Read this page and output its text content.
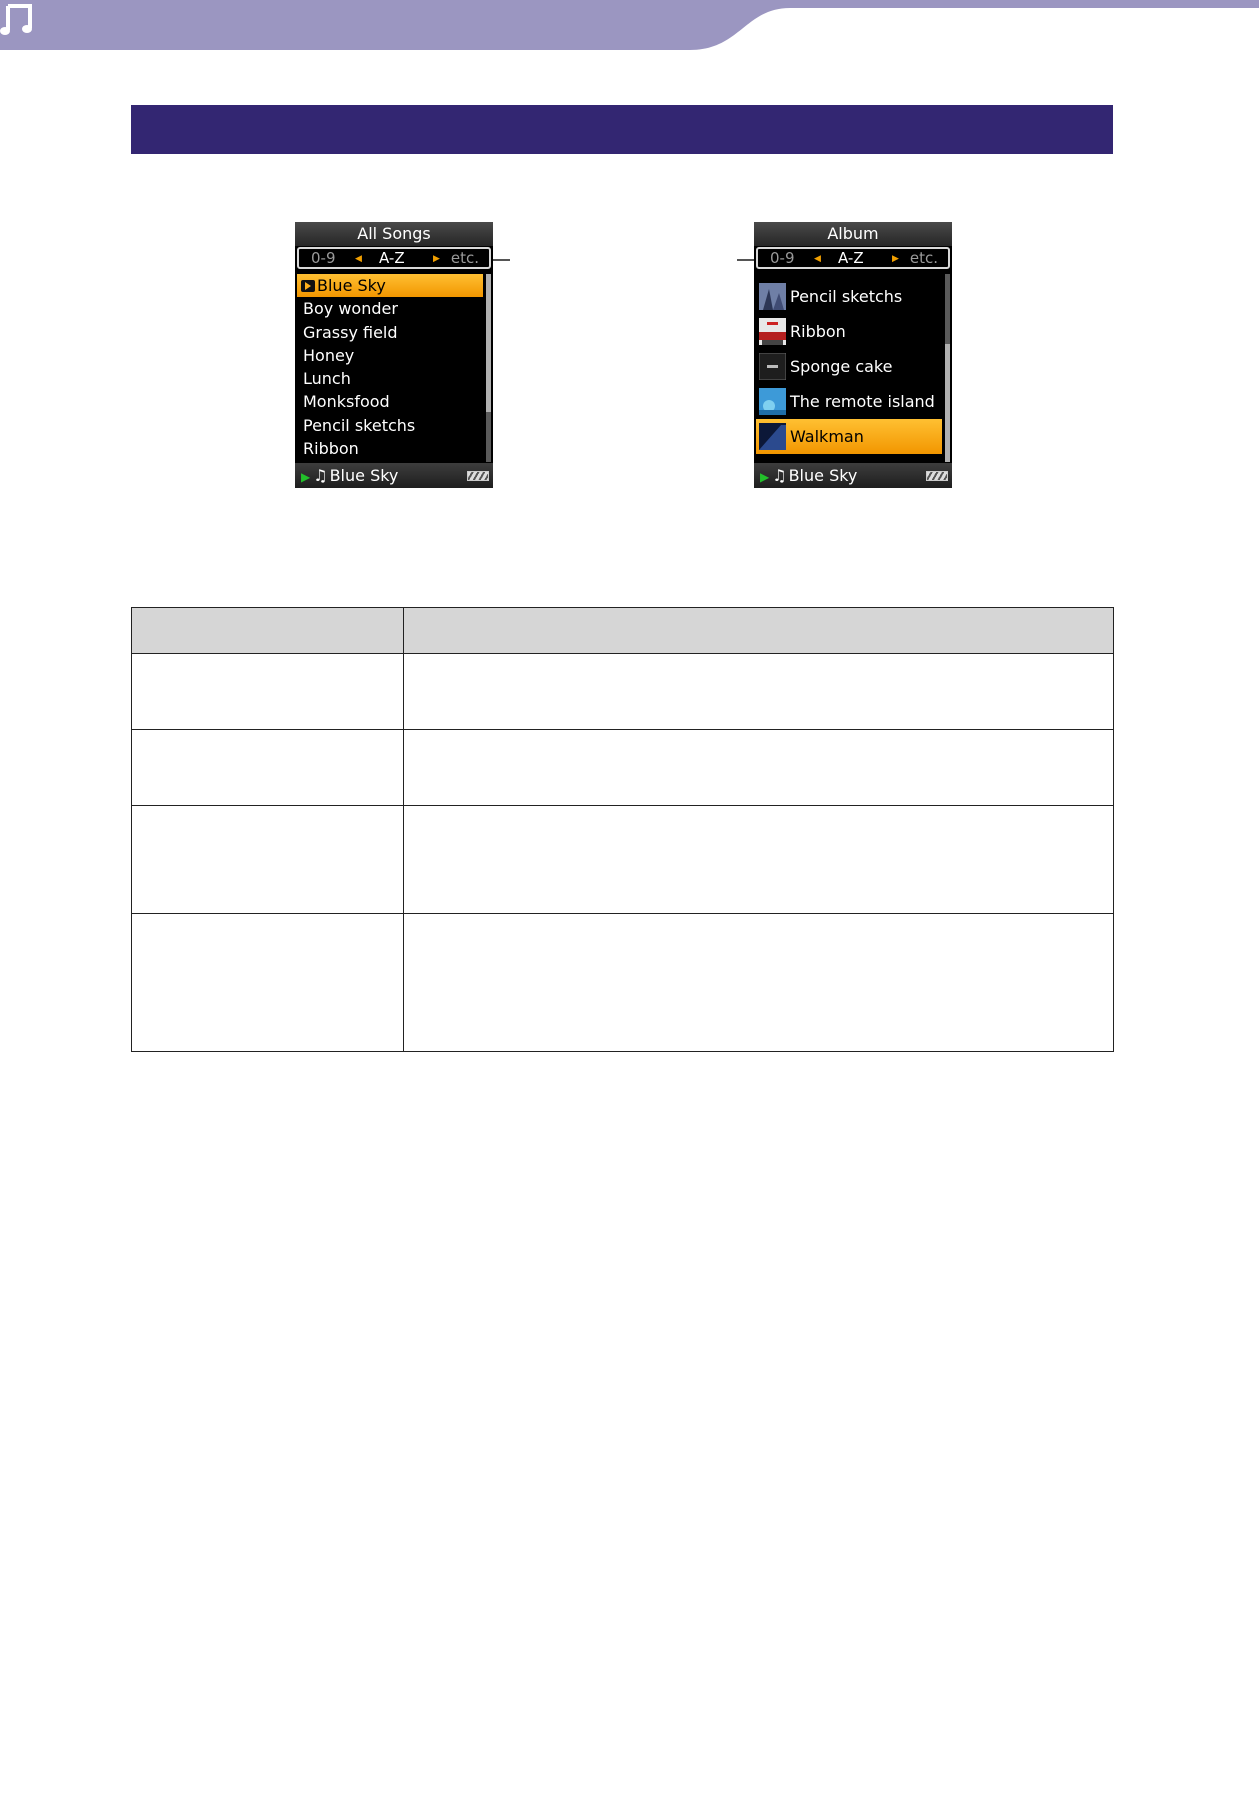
All Songs
0-9 ◀ A-Z	▶ etc.
Blue Sky
Boy wonder
Grassy field
Honey
Lunch
Monksfood
Pencil sketchs
Ribbon
▶ ♫ Blue Sky
Album
0-9 ◀ A-Z	▶ etc.
Pencil sketchs
Ribbon
Sponge cake
The remote island
Walkman
▶ ♫ Blue Sky
